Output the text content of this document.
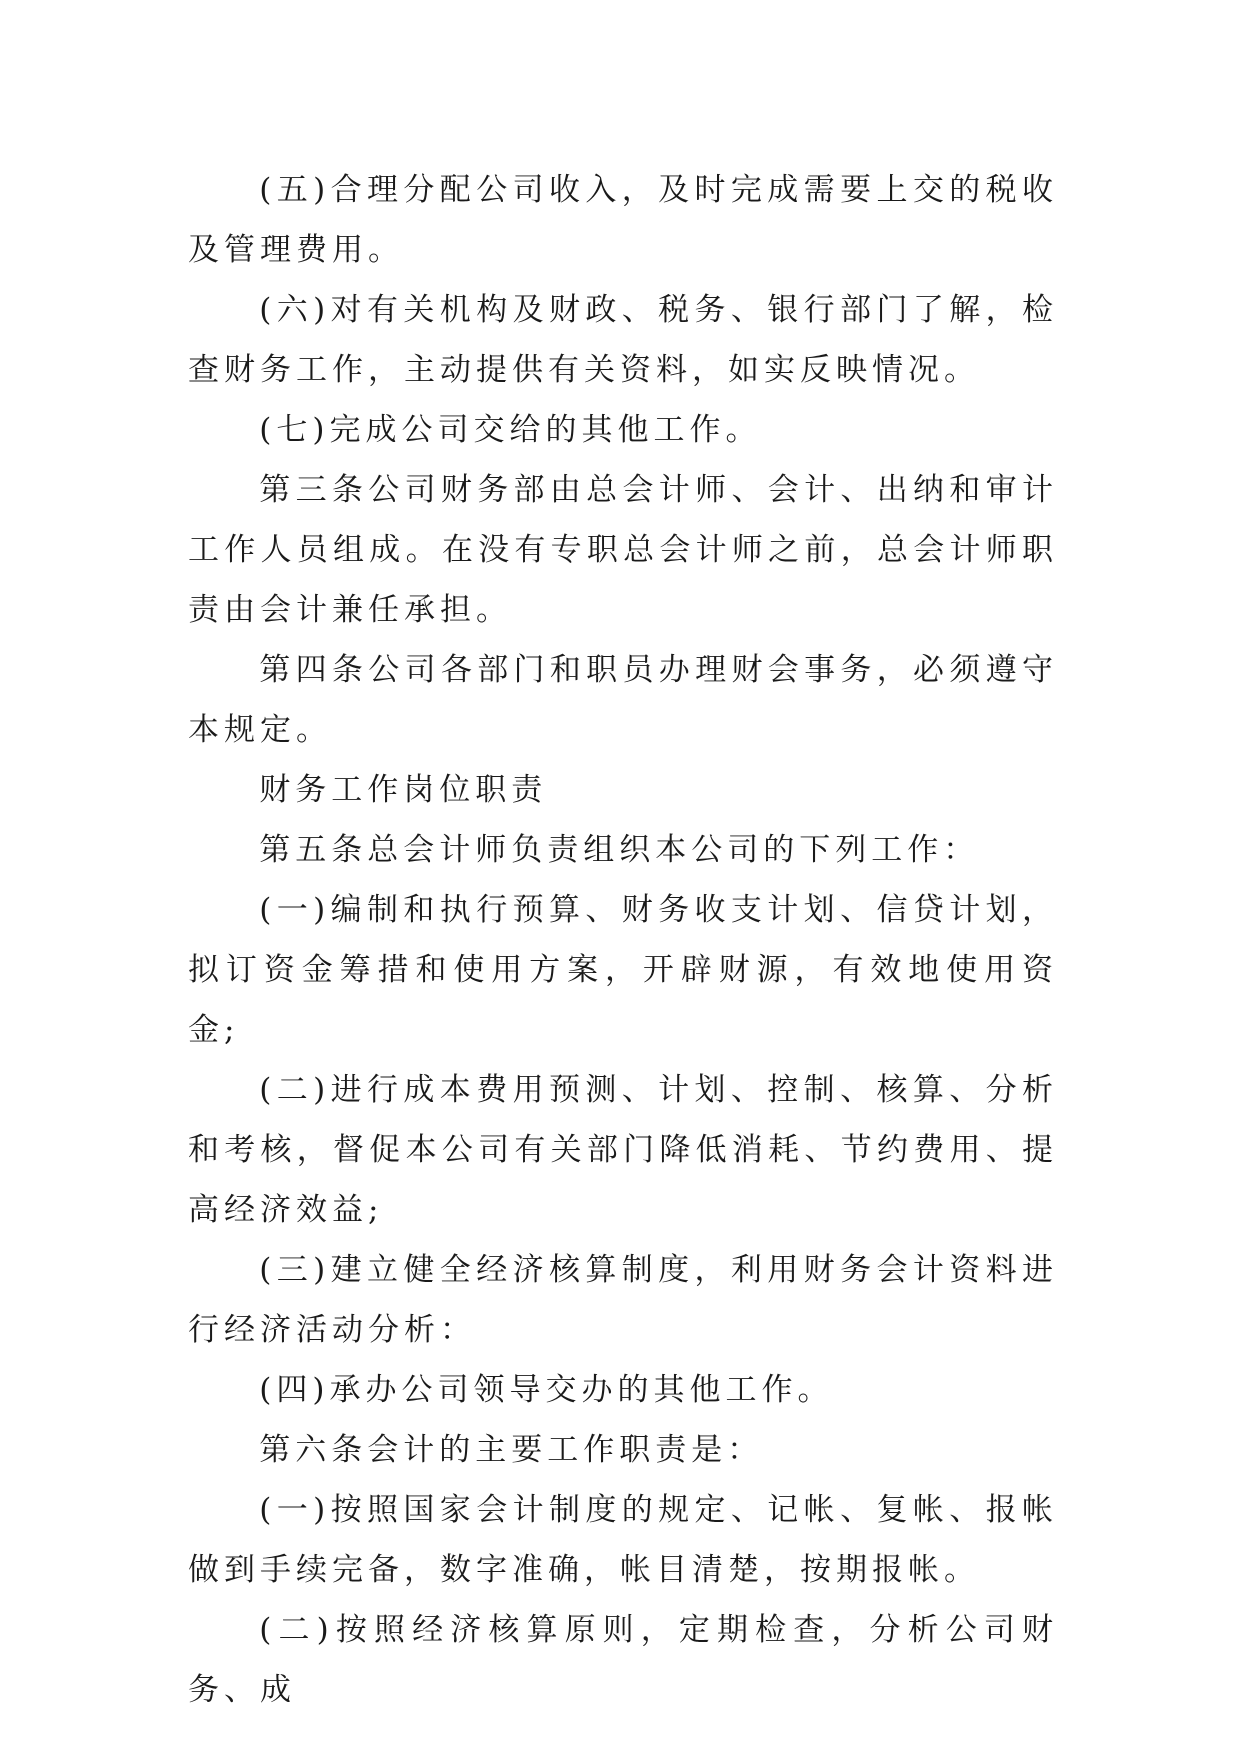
(五)合理分配公司收入，及时完成需要上交的税收及管理费用。

(六)对有关机构及财政、税务、银行部门了解，检查财务工作，主动提供有关资料，如实反映情况。

(七)完成公司交给的其他工作。

第三条公司财务部由总会计师、会计、出纳和审计工作人员组成。在没有专职总会计师之前，总会计师职责由会计兼任承担。

第四条公司各部门和职员办理财会事务，必须遵守本规定。

财务工作岗位职责

第五条总会计师负责组织本公司的下列工作：

(一)编制和执行预算、财务收支计划、信贷计划，拟订资金筹措和使用方案，开辟财源，有效地使用资金;

(二)进行成本费用预测、计划、控制、核算、分析和考核，督促本公司有关部门降低消耗、节约费用、提高经济效益;

(三)建立健全经济核算制度，利用财务会计资料进行经济活动分析：

(四)承办公司领导交办的其他工作。

第六条会计的主要工作职责是：

(一)按照国家会计制度的规定、记帐、复帐、报帐做到手续完备，数字准确，帐目清楚，按期报帐。

(二)按照经济核算原则，定期检查，分析公司财务、成
